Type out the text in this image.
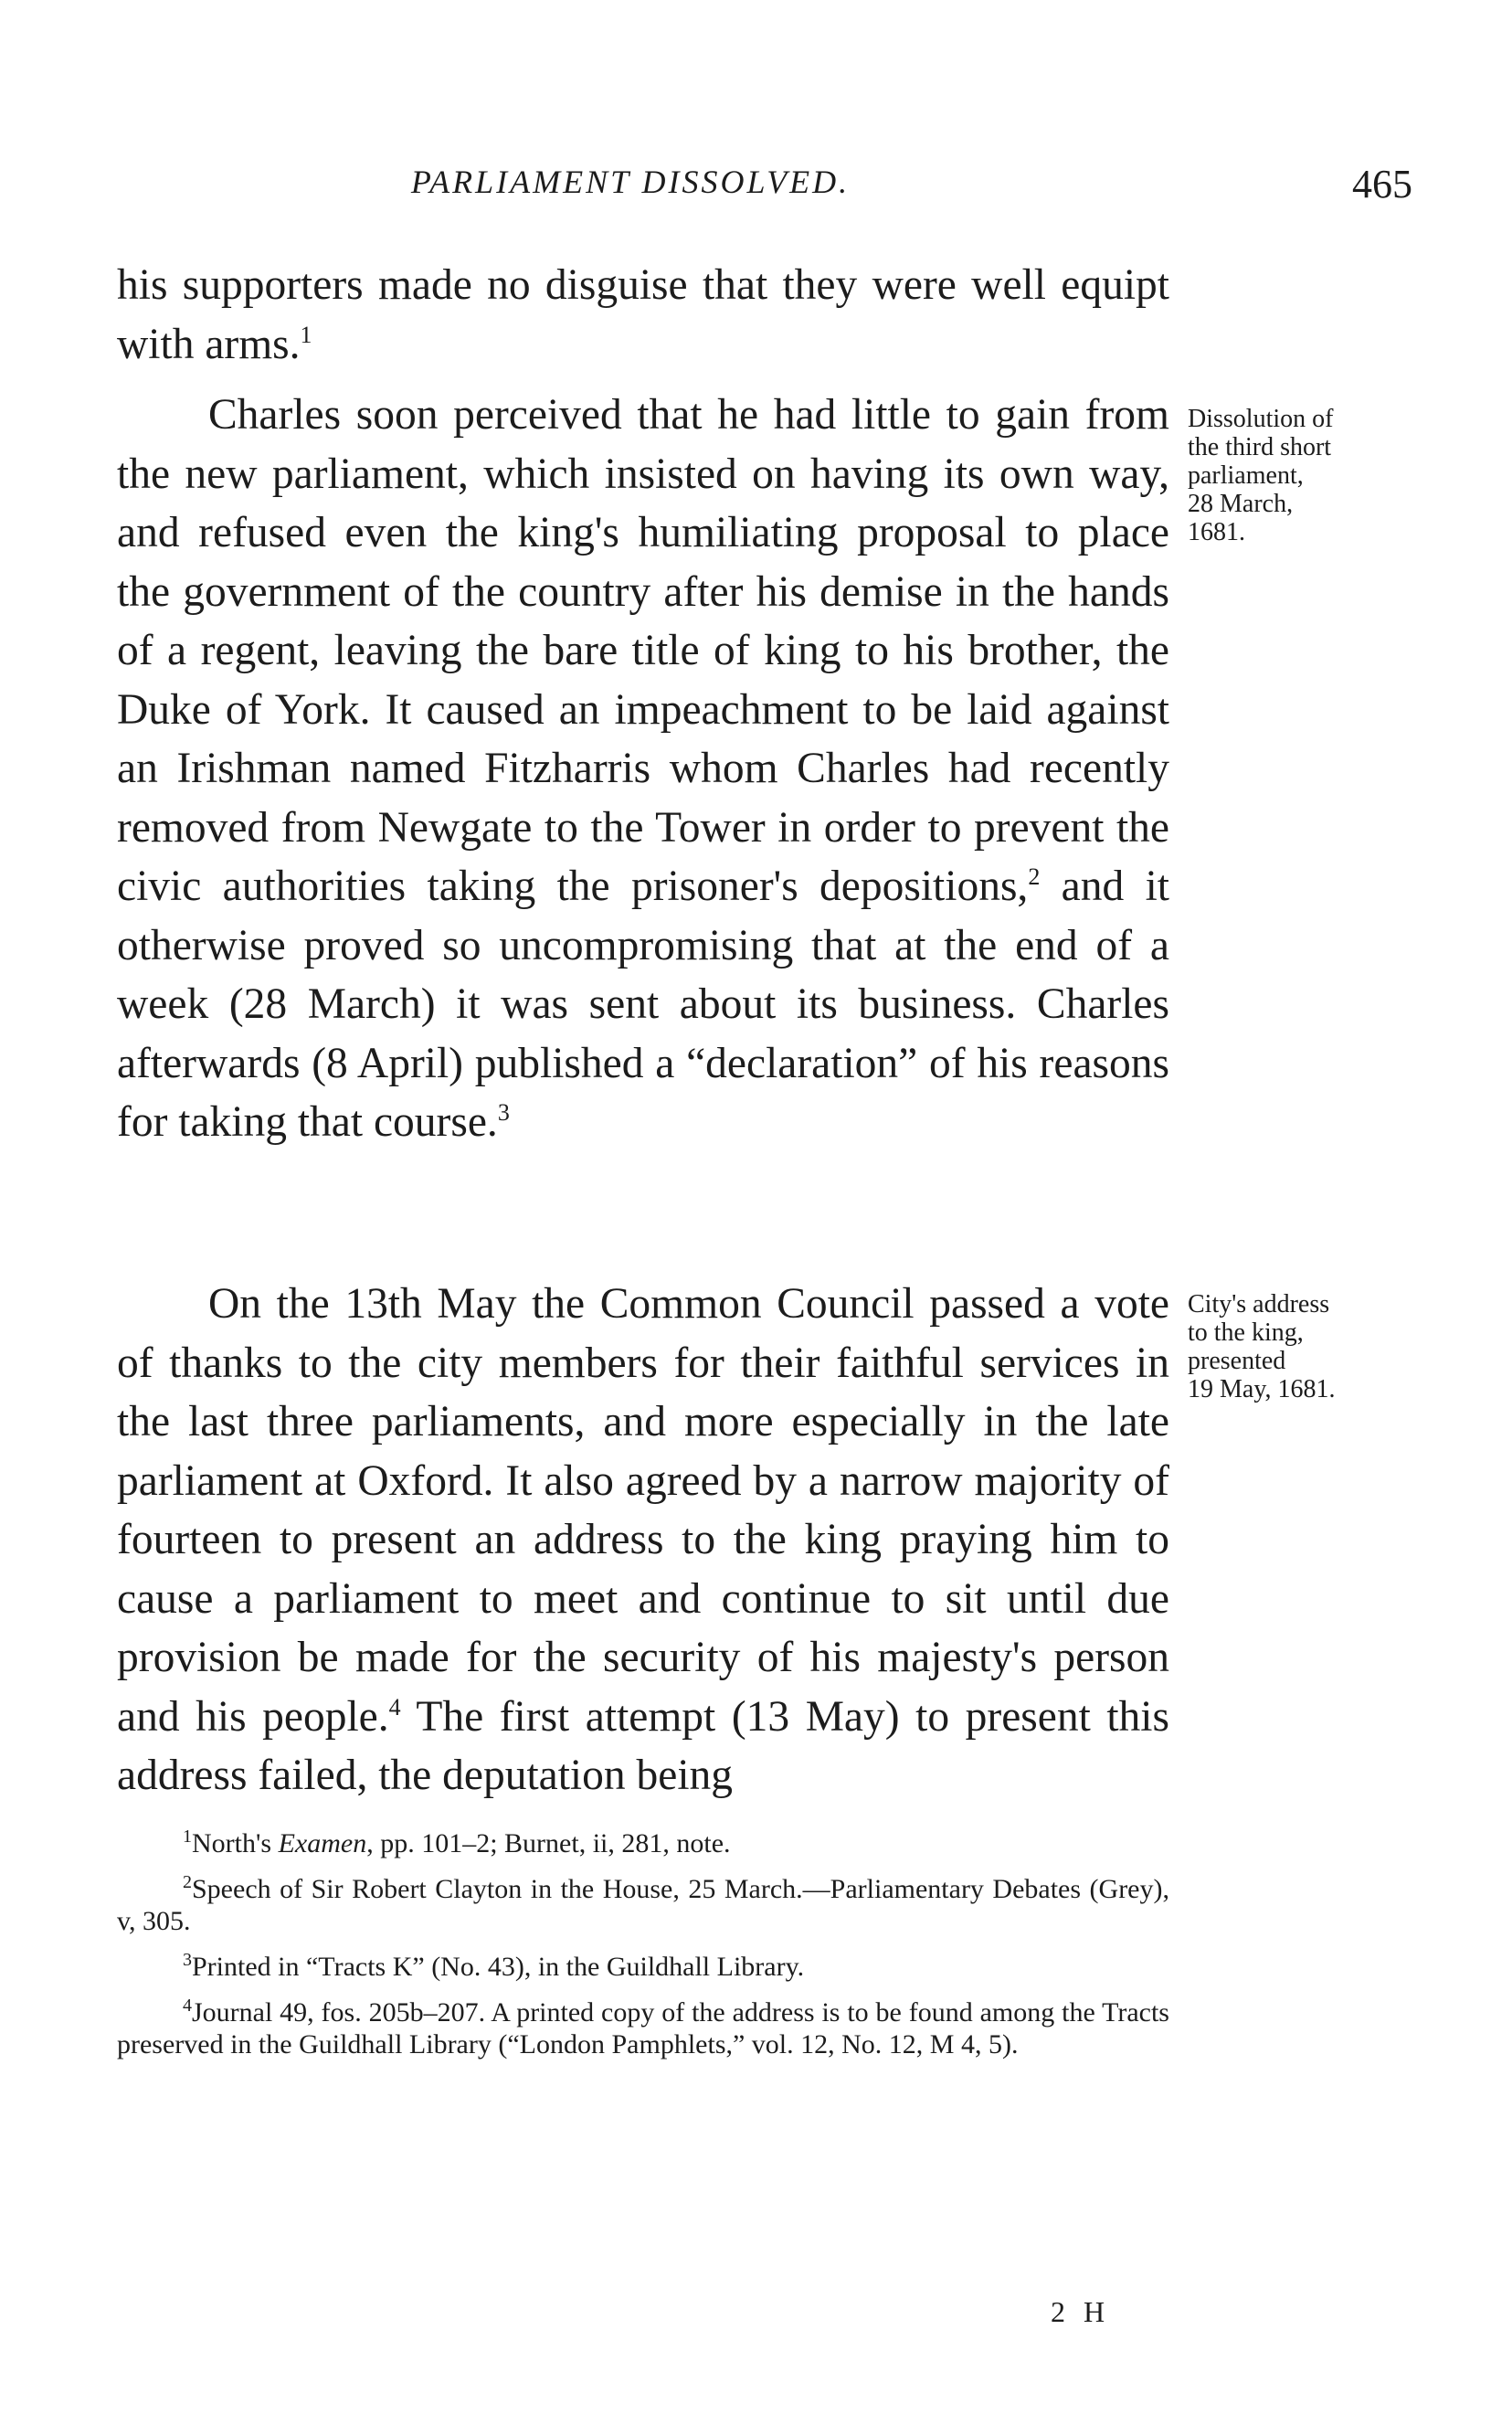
PARLIAMENT DISSOLVED.	465

his supporters made no disguise that they were well equipt with arms.$^1$

Charles soon perceived that he had little to gain from the new parliament, which insisted on having its own way, and refused even the king's humiliating proposal to place the government of the country after his demise in the hands of a regent, leaving the bare title of king to his brother, the Duke of York. It caused an impeachment to be laid against an Irishman named Fitzharris whom Charles had recently removed from Newgate to the Tower in order to prevent the civic authorities taking the prisoner's depositions,$^2$ and it otherwise proved so uncompromising that at the end of a week (28 March) it was sent about its business. Charles afterwards (8 April) published a “declaration” of his reasons for taking that course.$^3$

On the 13th May the Common Council passed a vote of thanks to the city members for their faithful services in the last three parliaments, and more especially in the late parliament at Oxford. It also agreed by a narrow majority of fourteen to present an address to the king praying him to cause a parliament to meet and continue to sit until due provision be made for the security of his majesty's person and his people.$^4$ The first attempt (13 May) to present this address failed, the deputation being

Dissolution of
the third short
parliament,
28 March,
1681.
City's address
to the king,
presented
19 May, 1681.

$^1$North's Examen, pp. 101–2; Burnet, ii, 281, note.

$^2$Speech of Sir Robert Clayton in the House, 25 March.—Parliamentary Debates (Grey), v, 305.

$^3$Printed in “Tracts K” (No. 43), in the Guildhall Library.

$^4$Journal 49, fos. 205b–207. A printed copy of the address is to be found among the Tracts preserved in the Guildhall Library (“London Pamphlets,” vol. 12, No. 12, M 4, 5).

2 H
